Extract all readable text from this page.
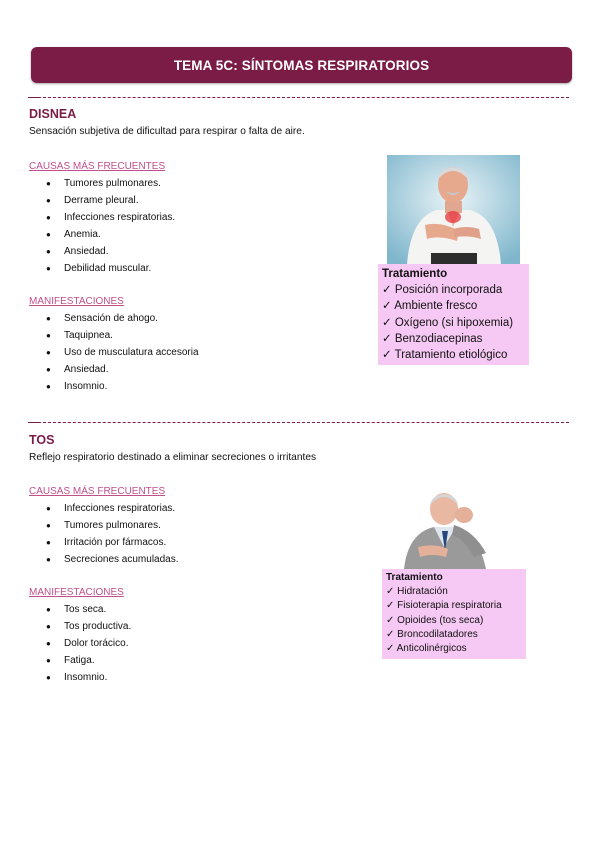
TEMA 5C: SÍNTOMAS RESPIRATORIOS
DISNEA
Sensación subjetiva de dificultad para respirar o falta de aire.
CAUSAS MÁS FRECUENTES
● Tumores pulmonares.
● Derrame pleural.
● Infecciones respiratorias.
● Anemia.
● Ansiedad.
● Debilidad muscular.
MANIFESTACIONES
● Sensación de ahogo.
● Taquipnea.
● Uso de musculatura accesoria
● Ansiedad.
● Insomnio.
Tratamiento
✓ Posición incorporada
✓ Ambiente fresco
✓ Oxígeno (si hipoxemia)
✓ Benzodiacepinas
✓ Tratamiento etiológico
TOS
Reflejo respiratorio destinado a eliminar secreciones o irritantes
CAUSAS MÁS FRECUENTES
● Infecciones respiratorias.
● Tumores pulmonares.
● Irritación por fármacos.
● Secreciones acumuladas.
MANIFESTACIONES
● Tos seca.
● Tos productiva.
● Dolor torácico.
● Fatiga.
● Insomnio.
Tratamiento
✓ Hidratación
✓ Fisioterapia respiratoria
✓ Opioides (tos seca)
✓ Broncodilatadores
✓ Anticolinérgicos
